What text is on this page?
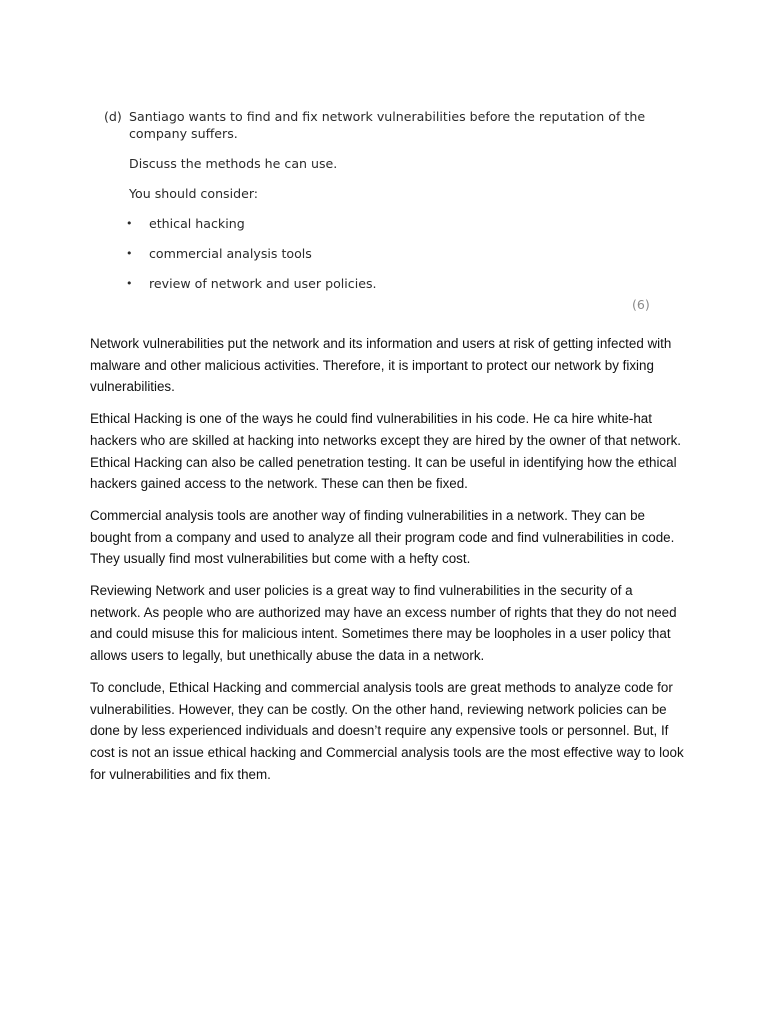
(d) Santiago wants to find and fix network vulnerabilities before the reputation of the company suffers.
Discuss the methods he can use.
You should consider:
•	ethical hacking
•	commercial analysis tools
•	review of network and user policies.
(6)

Network vulnerabilities put the network and its information and users at risk of getting infected with malware and other malicious activities. Therefore, it is important to protect our network by fixing vulnerabilities.

Ethical Hacking is one of the ways he could find vulnerabilities in his code. He ca hire white-hat hackers who are skilled at hacking into networks except they are hired by the owner of that network. Ethical Hacking can also be called penetration testing. It can be useful in identifying how the ethical hackers gained access to the network. These can then be fixed.

Commercial analysis tools are another way of finding vulnerabilities in a network. They can be bought from a company and used to analyze all their program code and find vulnerabilities in code. They usually find most vulnerabilities but come with a hefty cost.

Reviewing Network and user policies is a great way to find vulnerabilities in the security of a network. As people who are authorized may have an excess number of rights that they do not need and could misuse this for malicious intent. Sometimes there may be loopholes in a user policy that allows users to legally, but unethically abuse the data in a network.

To conclude, Ethical Hacking and commercial analysis tools are great methods to analyze code for vulnerabilities. However, they can be costly. On the other hand, reviewing network policies can be done by less experienced individuals and doesn’t require any expensive tools or personnel. But, If cost is not an issue ethical hacking and Commercial analysis tools are the most effective way to look for vulnerabilities and fix them.
